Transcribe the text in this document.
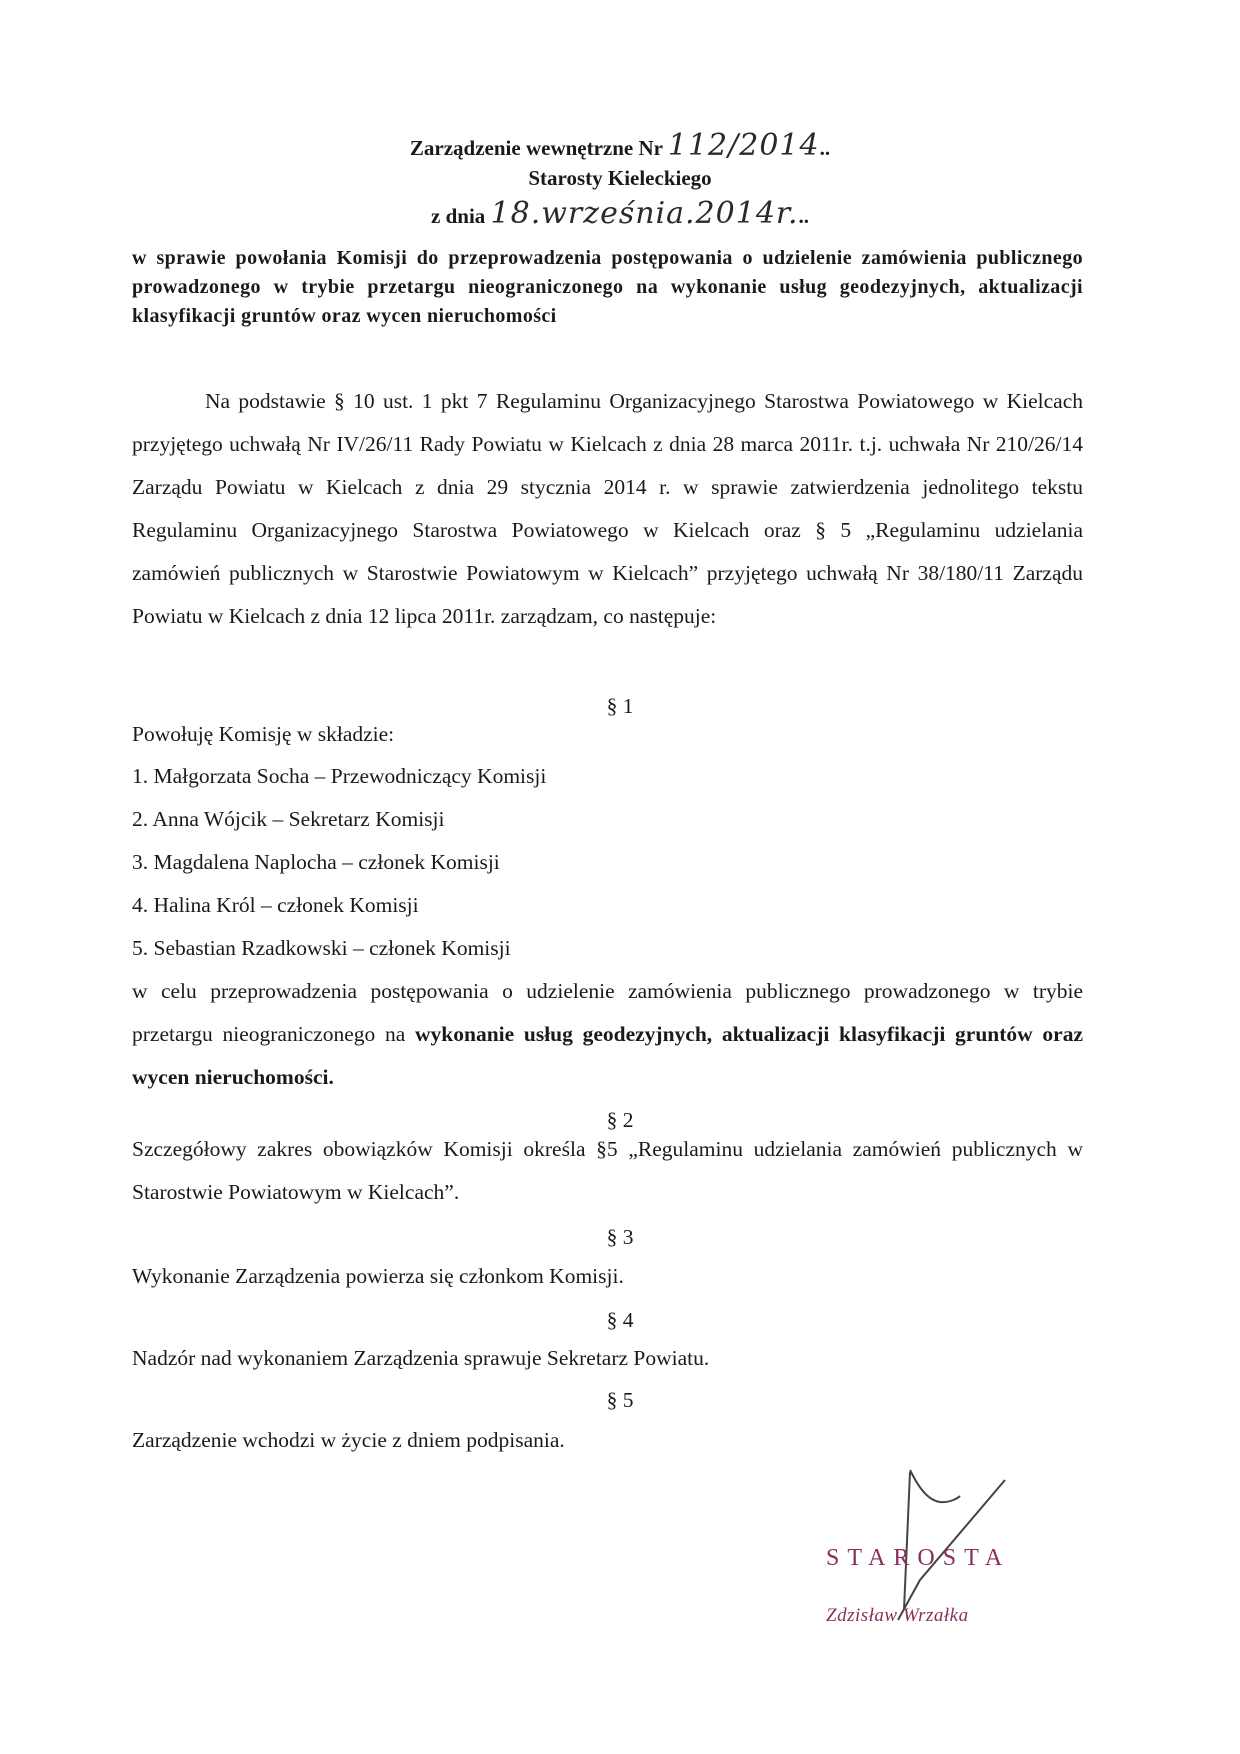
Zarządzenie wewnętrzne Nr 112/2014..
Starosty Kieleckiego
z dnia 18.września.2014r...
w sprawie powołania Komisji do przeprowadzenia postępowania o udzielenie zamówienia publicznego prowadzonego w trybie przetargu nieograniczonego na wykonanie usług geodezyjnych, aktualizacji klasyfikacji gruntów oraz wycen nieruchomości
Na podstawie § 10 ust. 1 pkt 7 Regulaminu Organizacyjnego Starostwa Powiatowego w Kielcach przyjętego uchwałą Nr IV/26/11 Rady Powiatu w Kielcach z dnia 28 marca 2011r. t.j. uchwała Nr 210/26/14 Zarządu Powiatu w Kielcach z dnia 29 stycznia 2014 r. w sprawie zatwierdzenia jednolitego tekstu Regulaminu Organizacyjnego Starostwa Powiatowego w Kielcach oraz § 5 „Regulaminu udzielania zamówień publicznych w Starostwie Powiatowym w Kielcach” przyjętego uchwałą Nr 38/180/11 Zarządu Powiatu w Kielcach z dnia 12 lipca 2011r. zarządzam, co następuje:
§ 1
Powołuję Komisję w składzie:
1. Małgorzata Socha – Przewodniczący Komisji
2. Anna Wójcik – Sekretarz Komisji
3. Magdalena Naplocha – członek Komisji
4. Halina Król – członek Komisji
5. Sebastian Rzadkowski – członek Komisji
w celu przeprowadzenia postępowania o udzielenie zamówienia publicznego prowadzonego w trybie przetargu nieograniczonego na wykonanie usług geodezyjnych, aktualizacji klasyfikacji gruntów oraz wycen nieruchomości.
§ 2
Szczegółowy zakres obowiązków Komisji określa §5 „Regulaminu udzielania zamówień publicznych w Starostwie Powiatowym w Kielcach”.
§ 3
Wykonanie Zarządzenia powierza się członkom Komisji.
§ 4
Nadzór nad wykonaniem Zarządzenia sprawuje Sekretarz Powiatu.
§ 5
Zarządzenie wchodzi w życie z dniem podpisania.
STAROSTA
Zdzisław Wrzałka
